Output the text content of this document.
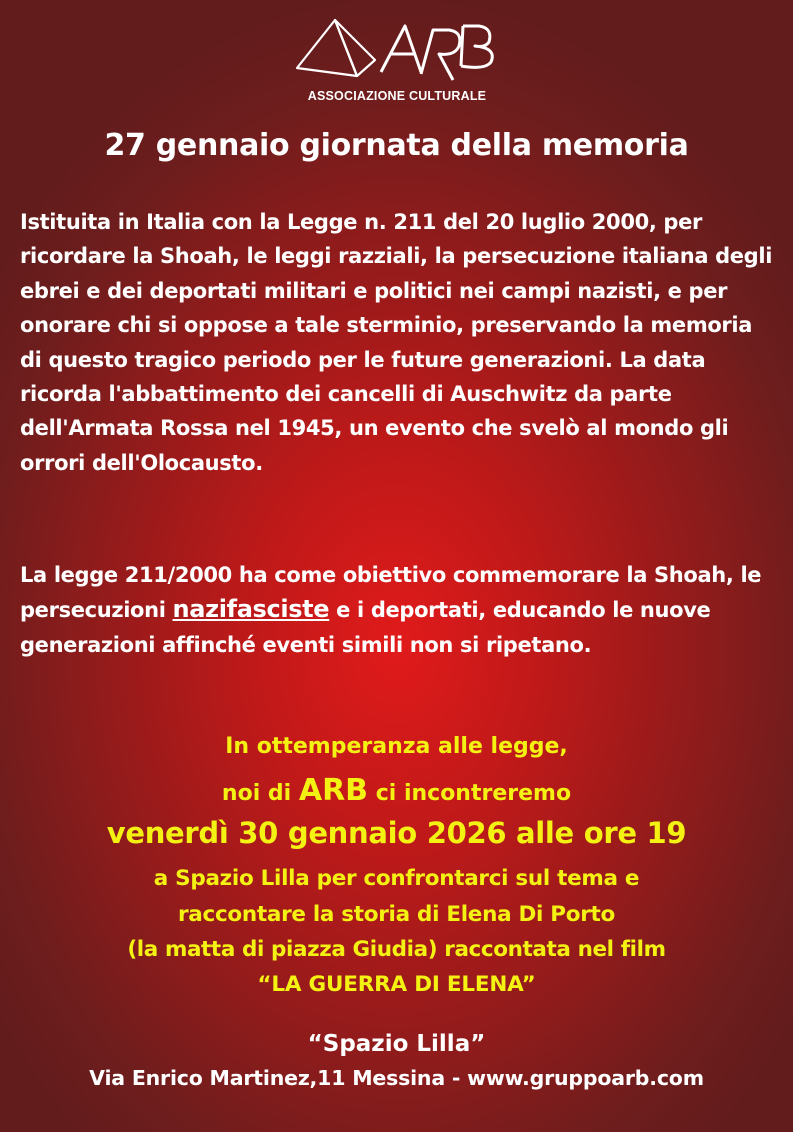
ASSOCIAZIONE CULTURALE
27 gennaio giornata della memoria

Istituita in Italia con la Legge n. 211 del 20 luglio 2000, per ricordare la Shoah, le leggi razziali, la persecuzione italiana degli ebrei e dei deportati militari e politici nei campi nazisti, e per onorare chi si oppose a tale sterminio, preservando la memoria di questo tragico periodo per le future generazioni. La data ricorda l'abbattimento dei cancelli di Auschwitz da parte dell'Armata Rossa nel 1945, un evento che svelò al mondo gli orrori dell'Olocausto.

La legge 211/2000 ha come obiettivo commemorare la Shoah, le persecuzioni nazifasciste e i deportati, educando le nuove generazioni affinché eventi simili non si ripetano.

In ottemperanza alle legge,

noi di ARB ci incontreremo

venerdì 30 gennaio 2026 alle ore 19

a Spazio Lilla per confrontarci sul tema e

raccontare la storia di Elena Di Porto

(la matta di piazza Giudia) raccontata nel film

“LA GUERRA DI ELENA”

“Spazio Lilla”

Via Enrico Martinez,11 Messina - www.gruppoarb.com
